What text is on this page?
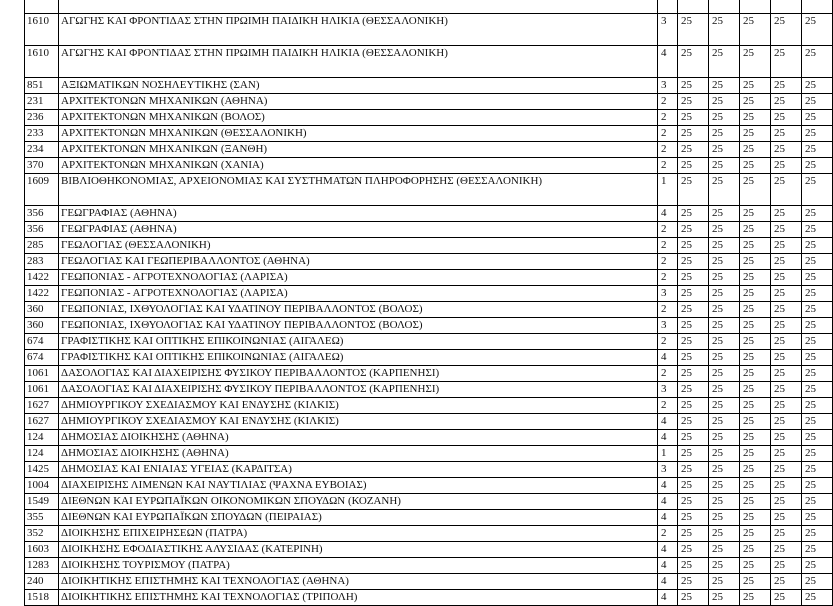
1610	ΑΓΩΓΗΣ ΚΑΙ ΦΡΟΝΤΙΔΑΣ ΣΤΗΝ ΠΡΩΙΜΗ ΠΑΙΔΙΚΗ ΗΛΙΚΙΑ (ΘΕΣΣΑΛΟΝΙΚΗ)	3	25	25	25	25	25
1610	ΑΓΩΓΗΣ ΚΑΙ ΦΡΟΝΤΙΔΑΣ ΣΤΗΝ ΠΡΩΙΜΗ ΠΑΙΔΙΚΗ ΗΛΙΚΙΑ (ΘΕΣΣΑΛΟΝΙΚΗ)	4	25	25	25	25	25
851	ΑΞΙΩΜΑΤΙΚΩΝ ΝΟΣΗΛΕΥΤΙΚΗΣ (ΣΑΝ)	3	25	25	25	25	25
231	ΑΡΧΙΤΕΚΤΟΝΩΝ ΜΗΧΑΝΙΚΩΝ (ΑΘΗΝΑ)	2	25	25	25	25	25
236	ΑΡΧΙΤΕΚΤΟΝΩΝ ΜΗΧΑΝΙΚΩΝ (ΒΟΛΟΣ)	2	25	25	25	25	25
233	ΑΡΧΙΤΕΚΤΟΝΩΝ ΜΗΧΑΝΙΚΩΝ (ΘΕΣΣΑΛΟΝΙΚΗ)	2	25	25	25	25	25
234	ΑΡΧΙΤΕΚΤΟΝΩΝ ΜΗΧΑΝΙΚΩΝ (ΞΑΝΘΗ)	2	25	25	25	25	25
370	ΑΡΧΙΤΕΚΤΟΝΩΝ ΜΗΧΑΝΙΚΩΝ (ΧΑΝΙΑ)	2	25	25	25	25	25
1609	ΒΙΒΛΙΟΘΗΚΟΝΟΜΙΑΣ, ΑΡΧΕΙΟΝΟΜΙΑΣ ΚΑΙ ΣΥΣΤΗΜΑΤΩΝ ΠΛΗΡΟΦΟΡΗΣΗΣ (ΘΕΣΣΑΛΟΝΙΚΗ)	1	25	25	25	25	25
356	ΓΕΩΓΡΑΦΙΑΣ (ΑΘΗΝΑ)	4	25	25	25	25	25
356	ΓΕΩΓΡΑΦΙΑΣ (ΑΘΗΝΑ)	2	25	25	25	25	25
285	ΓΕΩΛΟΓΙΑΣ (ΘΕΣΣΑΛΟΝΙΚΗ)	2	25	25	25	25	25
283	ΓΕΩΛΟΓΙΑΣ ΚΑΙ ΓΕΩΠΕΡΙΒΑΛΛΟΝΤΟΣ (ΑΘΗΝΑ)	2	25	25	25	25	25
1422	ΓΕΩΠΟΝΙΑΣ - ΑΓΡΟΤΕΧΝΟΛΟΓΙΑΣ (ΛΑΡΙΣΑ)	2	25	25	25	25	25
1422	ΓΕΩΠΟΝΙΑΣ - ΑΓΡΟΤΕΧΝΟΛΟΓΙΑΣ (ΛΑΡΙΣΑ)	3	25	25	25	25	25
360	ΓΕΩΠΟΝΙΑΣ, ΙΧΘΥΟΛΟΓΙΑΣ ΚΑΙ ΥΔΑΤΙΝΟΥ ΠΕΡΙΒΑΛΛΟΝΤΟΣ (ΒΟΛΟΣ)	2	25	25	25	25	25
360	ΓΕΩΠΟΝΙΑΣ, ΙΧΘΥΟΛΟΓΙΑΣ ΚΑΙ ΥΔΑΤΙΝΟΥ ΠΕΡΙΒΑΛΛΟΝΤΟΣ (ΒΟΛΟΣ)	3	25	25	25	25	25
674	ΓΡΑΦΙΣΤΙΚΗΣ ΚΑΙ ΟΠΤΙΚΗΣ ΕΠΙΚΟΙΝΩΝΙΑΣ (ΑΙΓΑΛΕΩ)	2	25	25	25	25	25
674	ΓΡΑΦΙΣΤΙΚΗΣ ΚΑΙ ΟΠΤΙΚΗΣ ΕΠΙΚΟΙΝΩΝΙΑΣ (ΑΙΓΑΛΕΩ)	4	25	25	25	25	25
1061	ΔΑΣΟΛΟΓΙΑΣ ΚΑΙ ΔΙΑΧΕΙΡΙΣΗΣ ΦΥΣΙΚΟΥ ΠΕΡΙΒΑΛΛΟΝΤΟΣ (ΚΑΡΠΕΝΗΣΙ)	2	25	25	25	25	25
1061	ΔΑΣΟΛΟΓΙΑΣ ΚΑΙ ΔΙΑΧΕΙΡΙΣΗΣ ΦΥΣΙΚΟΥ ΠΕΡΙΒΑΛΛΟΝΤΟΣ (ΚΑΡΠΕΝΗΣΙ)	3	25	25	25	25	25
1627	ΔΗΜΙΟΥΡΓΙΚΟΥ ΣΧΕΔΙΑΣΜΟΥ ΚΑΙ ΕΝΔΥΣΗΣ (ΚΙΛΚΙΣ)	2	25	25	25	25	25
1627	ΔΗΜΙΟΥΡΓΙΚΟΥ ΣΧΕΔΙΑΣΜΟΥ ΚΑΙ ΕΝΔΥΣΗΣ (ΚΙΛΚΙΣ)	4	25	25	25	25	25
124	ΔΗΜΟΣΙΑΣ ΔΙΟΙΚΗΣΗΣ (ΑΘΗΝΑ)	4	25	25	25	25	25
124	ΔΗΜΟΣΙΑΣ ΔΙΟΙΚΗΣΗΣ (ΑΘΗΝΑ)	1	25	25	25	25	25
1425	ΔΗΜΟΣΙΑΣ ΚΑΙ ΕΝΙΑΙΑΣ ΥΓΕΙΑΣ (ΚΑΡΔΙΤΣΑ)	3	25	25	25	25	25
1004	ΔΙΑΧΕΙΡΙΣΗΣ ΛΙΜΕΝΩΝ ΚΑΙ ΝΑΥΤΙΛΙΑΣ (ΨΑΧΝΑ ΕΥΒΟΙΑΣ)	4	25	25	25	25	25
1549	ΔΙΕΘΝΩΝ ΚΑΙ ΕΥΡΩΠΑΪΚΩΝ ΟΙΚΟΝΟΜΙΚΩΝ ΣΠΟΥΔΩΝ (ΚΟΖΑΝΗ)	4	25	25	25	25	25
355	ΔΙΕΘΝΩΝ ΚΑΙ ΕΥΡΩΠΑΪΚΩΝ ΣΠΟΥΔΩΝ (ΠΕΙΡΑΙΑΣ)	4	25	25	25	25	25
352	ΔΙΟΙΚΗΣΗΣ ΕΠΙΧΕΙΡΗΣΕΩΝ (ΠΑΤΡΑ)	2	25	25	25	25	25
1603	ΔΙΟΙΚΗΣΗΣ ΕΦΟΔΙΑΣΤΙΚΗΣ ΑΛΥΣΙΔΑΣ (ΚΑΤΕΡΙΝΗ)	4	25	25	25	25	25
1283	ΔΙΟΙΚΗΣΗΣ ΤΟΥΡΙΣΜΟΥ (ΠΑΤΡΑ)	4	25	25	25	25	25
240	ΔΙΟΙΚΗΤΙΚΗΣ ΕΠΙΣΤΗΜΗΣ ΚΑΙ ΤΕΧΝΟΛΟΓΙΑΣ (ΑΘΗΝΑ)	4	25	25	25	25	25
1518	ΔΙΟΙΚΗΤΙΚΗΣ ΕΠΙΣΤΗΜΗΣ ΚΑΙ ΤΕΧΝΟΛΟΓΙΑΣ (ΤΡΙΠΟΛΗ)	4	25	25	25	25	25
